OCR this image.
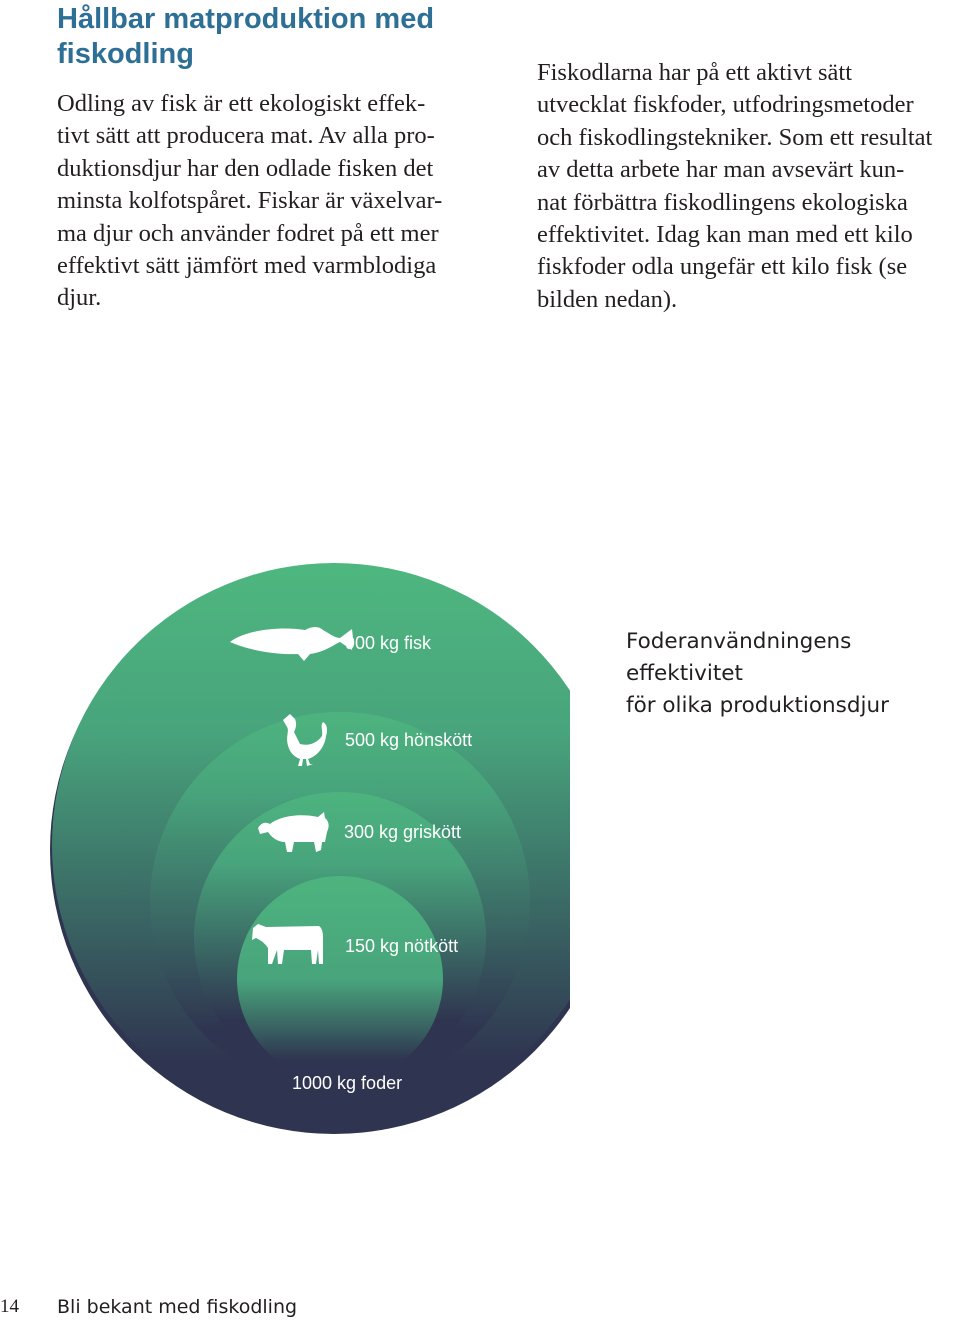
Hållbar matproduktion med fiskodling

Odling av fisk är ett ekologiskt effek-
tivt sätt att producera mat. Av alla pro-
duktionsdjur har den odlade fisken det
minsta kolfotspåret. Fiskar är växelvar-
ma djur och använder fodret på ett mer
effektivt sätt jämfört med varmblodiga
djur.

Fiskodlarna har på ett aktivt sätt
utvecklat fiskfoder, utfodringsmetoder
och fiskodlingstekniker. Som ett resultat
av detta arbete har man avsevärt kun-
nat förbättra fiskodlingens ekologiska
effektivitet. Idag kan man med ett kilo
fiskfoder odla ungefär ett kilo fisk (se
bilden nedan).

900 kg fisk
500 kg hönskött
300 kg griskött
150 kg nötkött
1000 kg foder

Foderanvändningens effektivitet
för olika produktionsdjur

14 Bli bekant med fiskodling
